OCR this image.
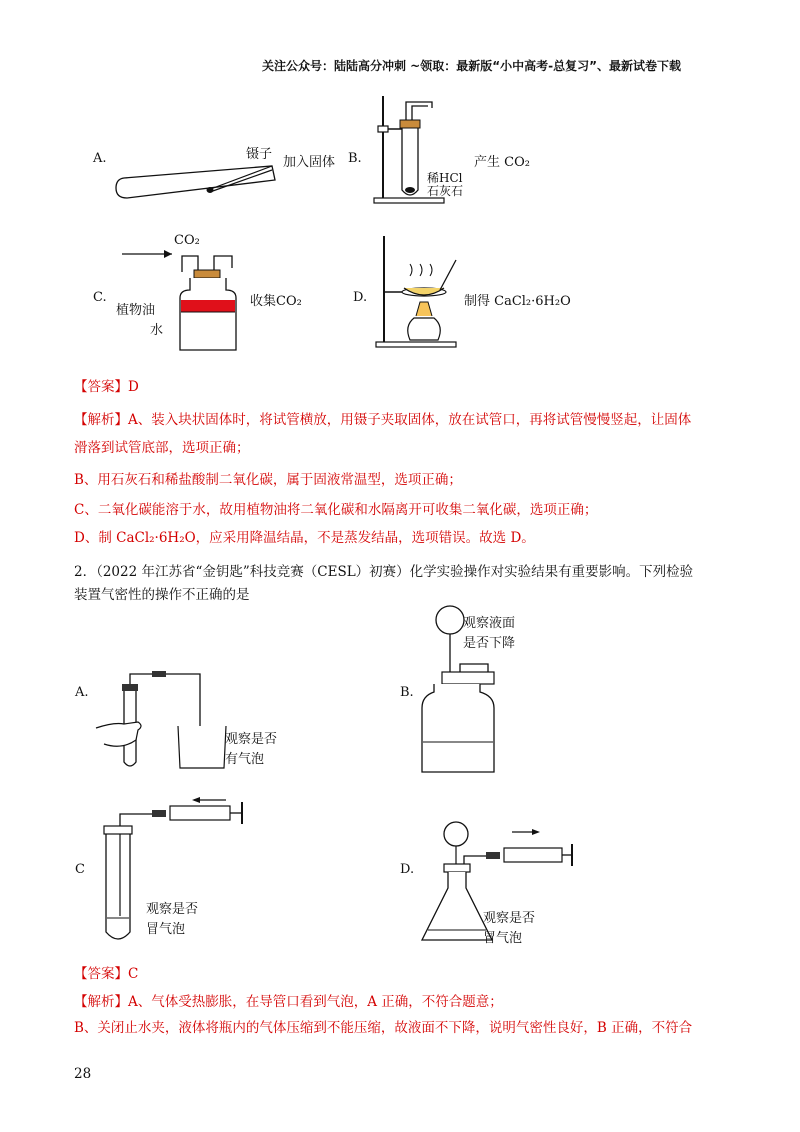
关注公众号：陆陆高分冲刺 ~领取：最新版“小中高考-总复习”、最新试卷下载
A.	镊子
加入固体 B.
稀HCl
石灰石
产生 CO₂
C.
CO₂
植物油
水
收集CO₂	D.	制得 CaCl₂·6H₂O
【答案】D
【解析】A、装入块状固体时，将试管横放，用镊子夹取固体，放在试管口，再将试管慢慢竖起，让固体
滑落到试管底部，选项正确；
B、用石灰石和稀盐酸制二氧化碳，属于固液常温型，选项正确；
C、二氧化碳能溶于水，故用植物油将二氧化碳和水隔离开可收集二氧化碳，选项正确；
D、制 CaCl₂·6H₂O，应采用降温结晶，不是蒸发结晶，选项错误。故选 D。
2．（2022 年江苏省“金钥匙”科技竞赛（CESL）初赛）化学实验操作对实验结果有重要影响。下列检验
装置气密性的操作不正确的是
A.
观察是否
有气泡
B.
观察液面
是否下降
C
观察是否
冒气泡
D.
观察是否
冒气泡
【答案】C
【解析】A、气体受热膨胀，在导管口看到气泡，A 正确，不符合题意；
B、关闭止水夹，液体将瓶内的气体压缩到不能压缩，故液面不下降，说明气密性良好，B 正确，不符合
28
